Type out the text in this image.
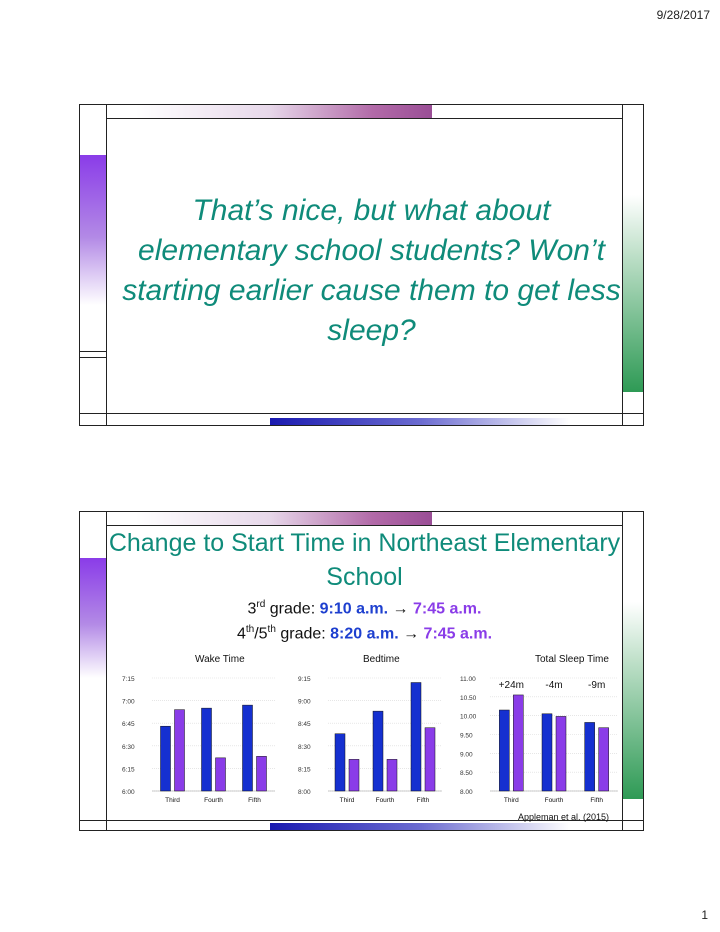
9/28/2017
That’s nice, but what about elementary school students? Won’t starting earlier cause them to get less sleep?
Change to Start Time in Northeast Elementary School
3rd grade: 9:10 a.m. → 7:45 a.m.
4th/5th grade: 8:20 a.m. → 7:45 a.m.
Wake Time
7:15
7:00
6:45
6:30
6:15
6:00
Third	Fourth	Fifth
Bedtime
9:15
9:00
8:45
8:30
8:15
8:00
Third	Fourth	Fifth
Total Sleep Time
11.00
10.50
10.00
9.50
9.00
8.50
8.00
Third	Fourth	Fifth
+24m -4m	-9m
Appleman et al. (2015)
1
